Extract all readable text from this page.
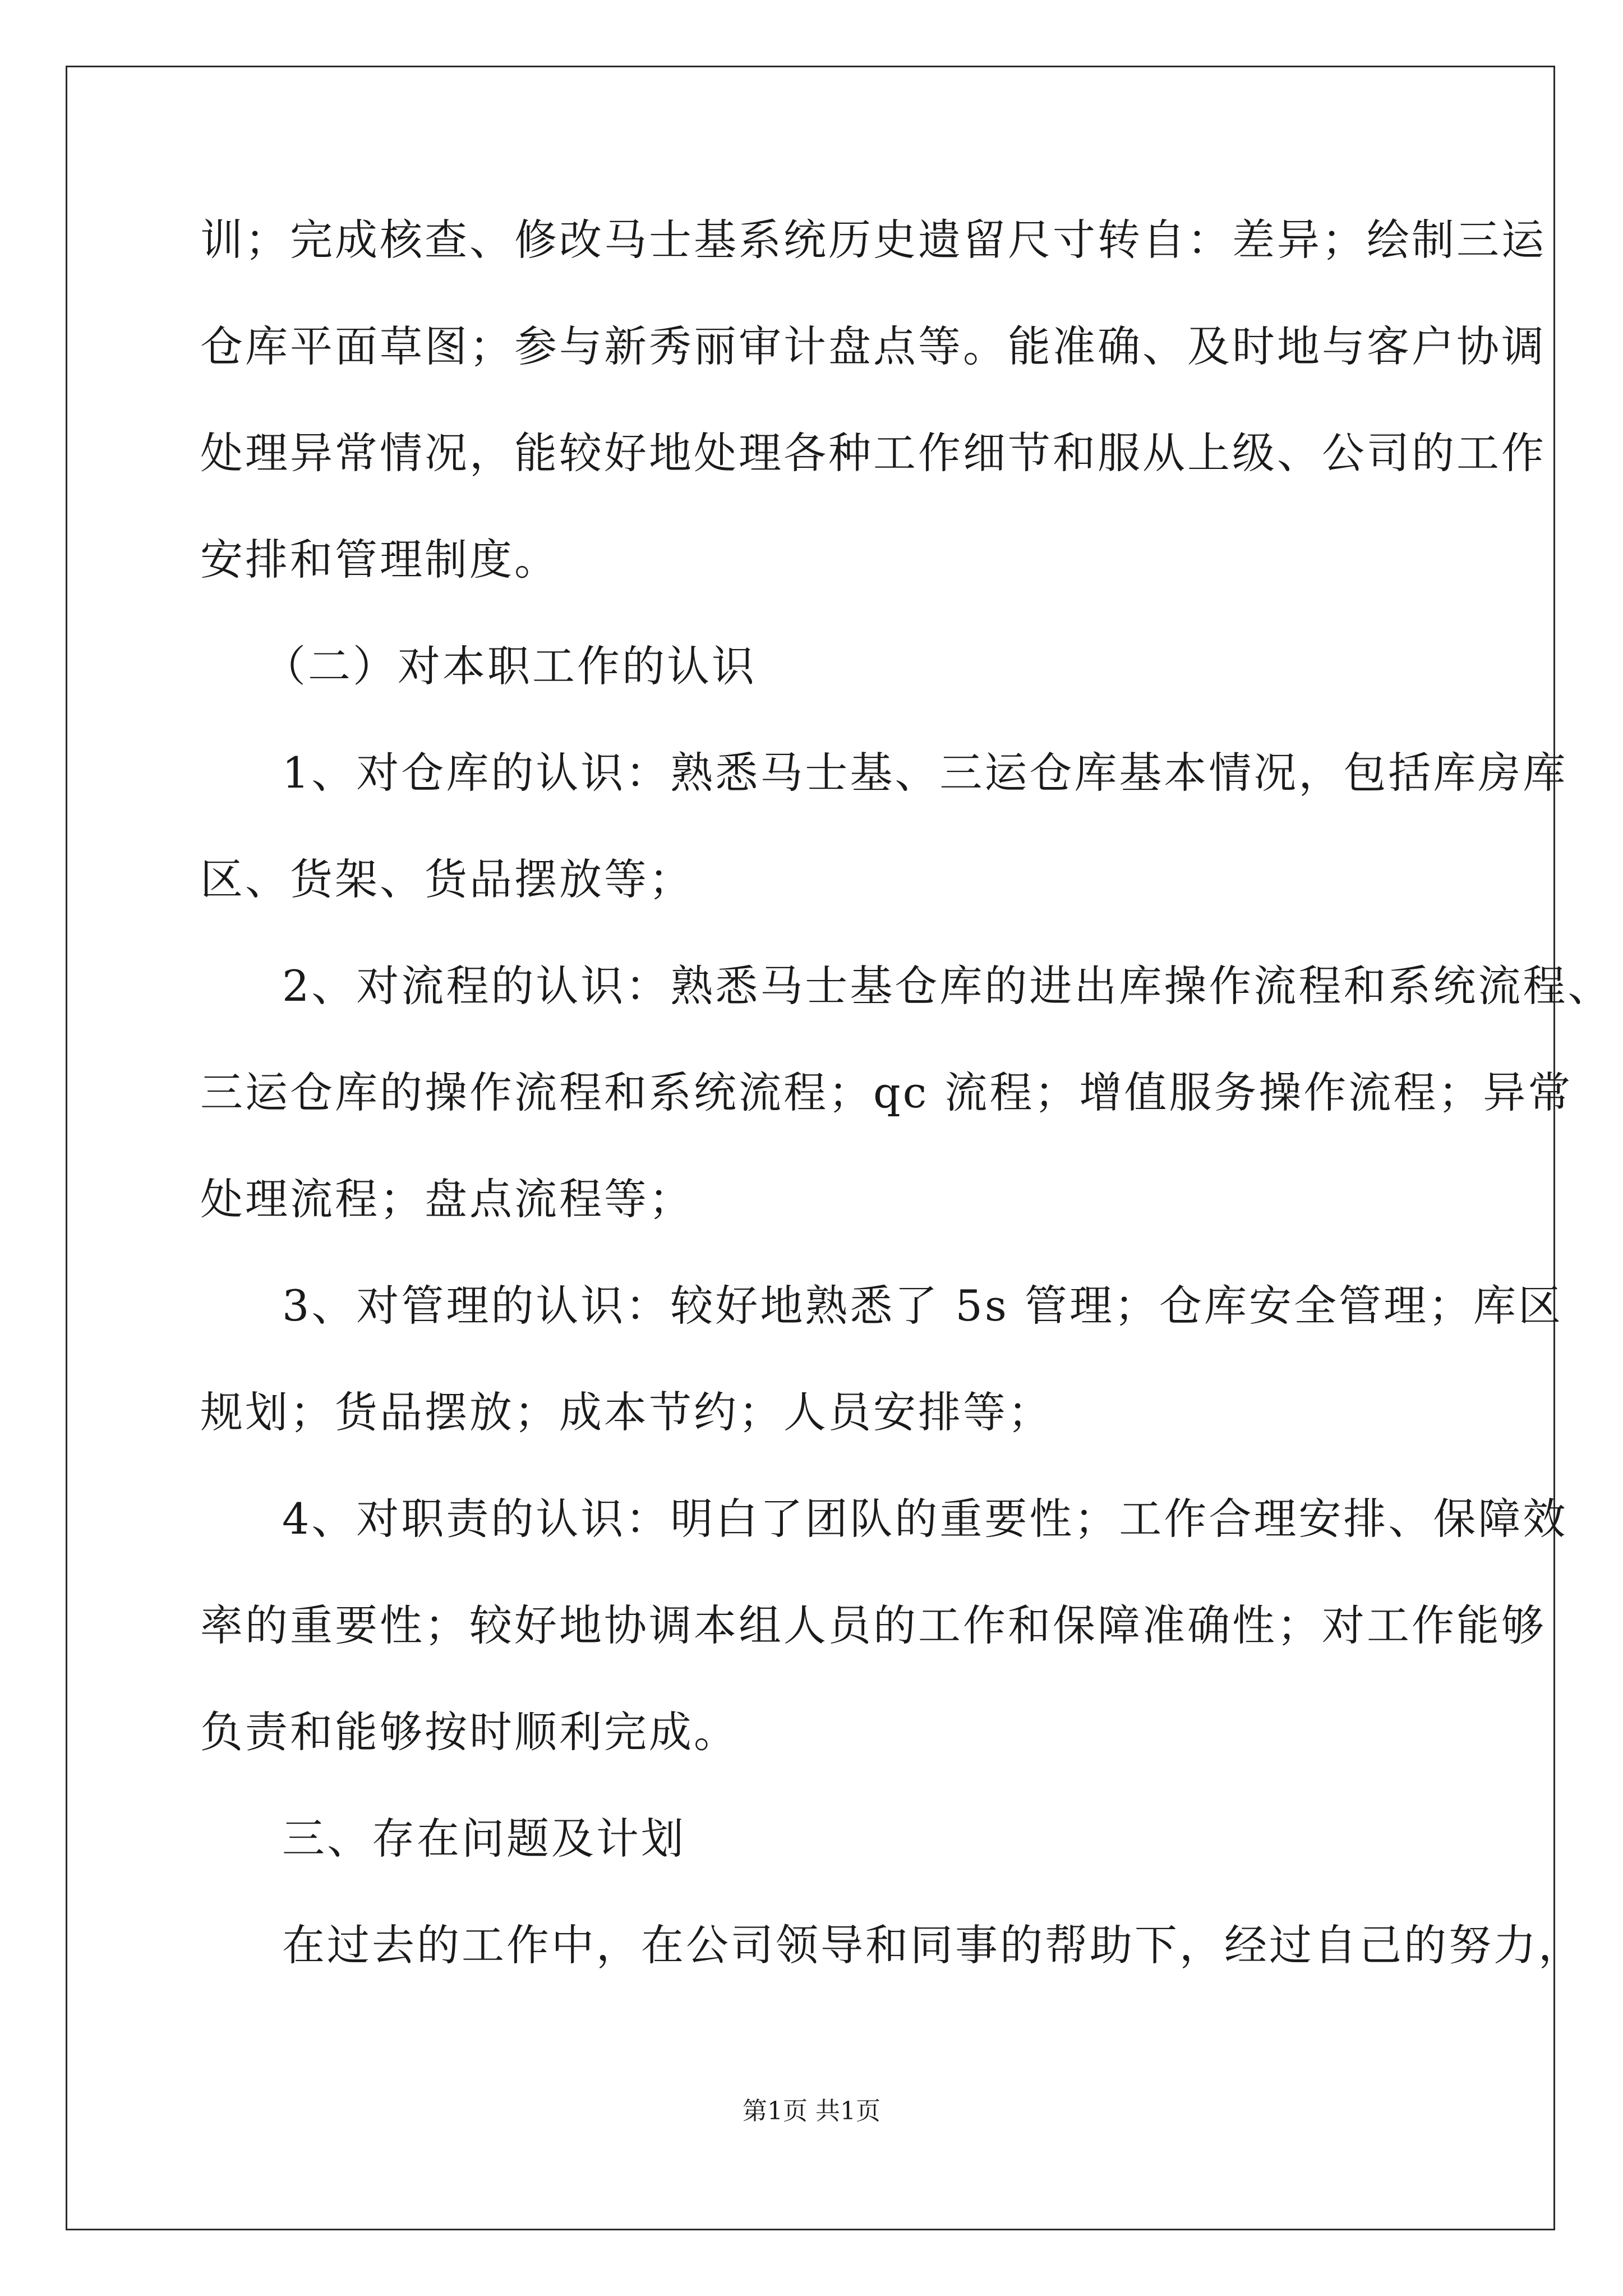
训；完成核查、修改马士基系统历史遗留尺寸转自：差异；绘制三运
仓库平面草图；参与新秀丽审计盘点等。能准确、及时地与客户协调
处理异常情况，能较好地处理各种工作细节和服从上级、公司的工作
安排和管理制度。
（二）对本职工作的认识
1、对仓库的认识：熟悉马士基、三运仓库基本情况，包括库房库
区、货架、货品摆放等；
2、对流程的认识：熟悉马士基仓库的进出库操作流程和系统流程、
三运仓库的操作流程和系统流程；qc 流程；增值服务操作流程；异常
处理流程；盘点流程等；
3、对管理的认识：较好地熟悉了 5s 管理；仓库安全管理；库区
规划；货品摆放；成本节约；人员安排等；
4、对职责的认识：明白了团队的重要性；工作合理安排、保障效
率的重要性；较好地协调本组人员的工作和保障准确性；对工作能够
负责和能够按时顺利完成。
三、存在问题及计划
在过去的工作中，在公司领导和同事的帮助下，经过自己的努力，
第1页 共1页
